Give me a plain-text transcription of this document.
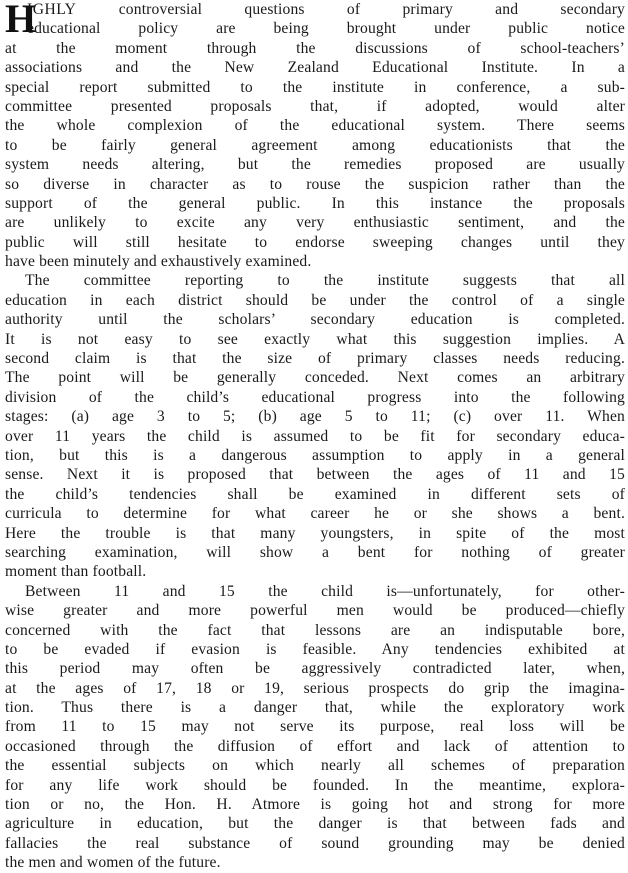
H
IGHLY controversial questions of primary and secondary
educational policy are being brought under public notice
at the moment through the discussions of school-teachers’
associations and the New Zealand Educational Institute. In a
special report submitted to the institute in conference, a sub-
committee presented proposals that, if adopted, would alter
the whole complexion of the educational system. There seems
to be fairly general agreement among educationists that the
system needs altering, but the remedies proposed are usually
so diverse in character as to rouse the suspicion rather than the
support of the general public. In this instance the proposals
are unlikely to excite any very enthusiastic sentiment, and the
public will still hesitate to endorse sweeping changes until they
have been minutely and exhaustively examined.
The committee reporting to the institute suggests that all
education in each district should be under the control of a single
authority until the scholars’ secondary education is completed.
It is not easy to see exactly what this suggestion implies. A
second claim is that the size of primary classes needs reducing.
The point will be generally conceded. Next comes an arbitrary
division of the child’s educational progress into the following
stages: (a) age 3 to 5; (b) age 5 to 11; (c) over 11. When
over 11 years the child is assumed to be fit for secondary educa-
tion, but this is a dangerous assumption to apply in a general
sense. Next it is proposed that between the ages of 11 and 15
the child’s tendencies shall be examined in different sets of
curricula to determine for what career he or she shows a bent.
Here the trouble is that many youngsters, in spite of the most
searching examination, will show a bent for nothing of greater
moment than football.
Between 11 and 15 the child is—unfortunately, for other-
wise greater and more powerful men would be produced—chiefly
concerned with the fact that lessons are an indisputable bore,
to be evaded if evasion is feasible. Any tendencies exhibited at
this period may often be aggressively contradicted later, when,
at the ages of 17, 18 or 19, serious prospects do grip the imagina-
tion. Thus there is a danger that, while the exploratory work
from 11 to 15 may not serve its purpose, real loss will be
occasioned through the diffusion of effort and lack of attention to
the essential subjects on which nearly all schemes of preparation
for any life work should be founded. In the meantime, explora-
tion or no, the Hon. H. Atmore is going hot and strong for more
agriculture in education, but the danger is that between fads and
fallacies the real substance of sound grounding may be denied
the men and women of the future.
